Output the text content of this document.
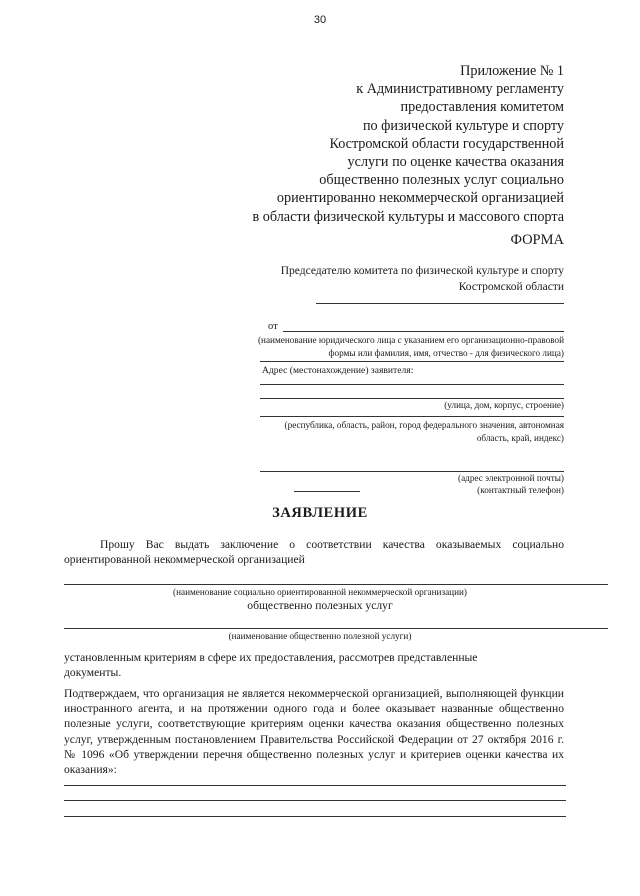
30
Приложение № 1
к Административному регламенту
предоставления комитетом
по физической культуре и спорту
Костромской области государственной
услуги по оценке качества оказания
общественно полезных услуг социально
ориентированно некоммерческой организацией
в области физической культуры и массового спорта
ФОРМА
Председателю комитета по физической культуре и спорту
Костромской области
от
(наименование юридического лица с указанием его организационно-правовой
формы или фамилия, имя, отчество - для физического лица)
Адрес (местонахождение) заявителя:
(улица, дом, корпус, строение)
(республика, область, район, город федерального значения, автономная
область, край, индекс)
(адрес электронной почты)
(контактный телефон)
ЗАЯВЛЕНИЕ
Прошу Вас выдать заключение о соответствии качества оказываемых социально ориентированной некоммерческой организацией
(наименование социально ориентированной некоммерческой организации)
общественно полезных услуг
(наименование общественно полезной услуги)
установленным критериям в сфере их предоставления, рассмотрев представленные документы.
Подтверждаем, что организация не является некоммерческой организацией, выполняющей функции иностранного агента, и на протяжении одного года и более оказывает названные общественно полезные услуги, соответствующие критериям оценки качества оказания общественно полезных услуг, утвержденным постановлением Правительства Российской Федерации от 27 октября 2016 г. № 1096 «Об утверждении перечня общественно полезных услуг и критериев оценки качества их оказания»:
